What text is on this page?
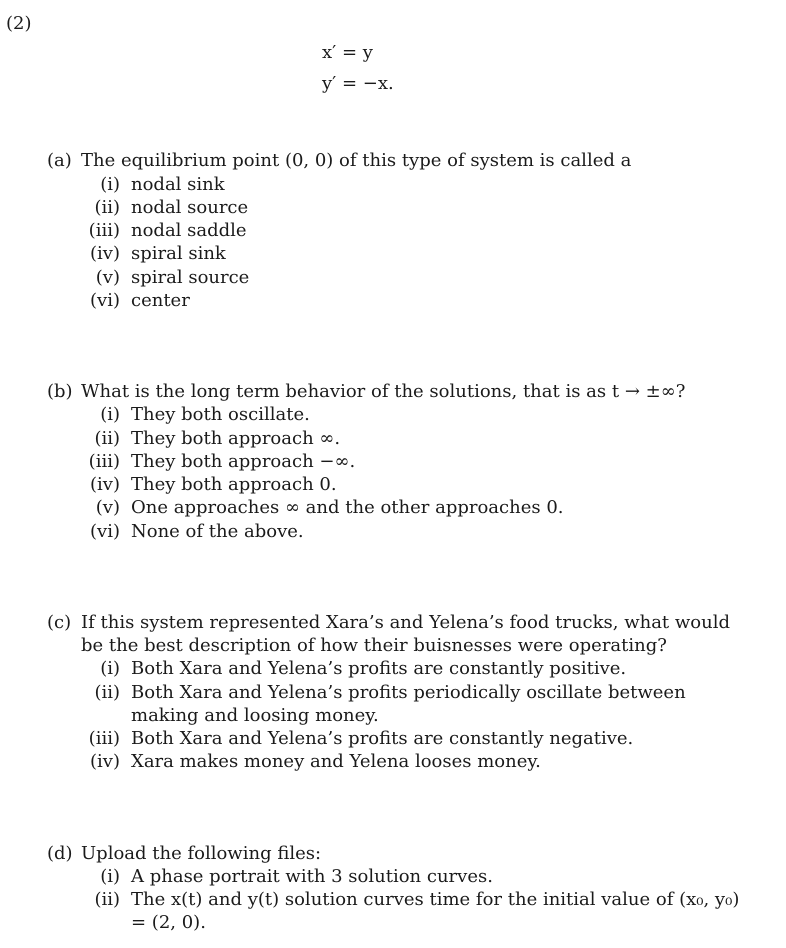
(2)
x′ = y
y′ = −x.
(a) The equilibrium point (0, 0) of this type of system is called a
(i) nodal sink
(ii) nodal source
(iii) nodal saddle
(iv) spiral sink
(v) spiral source
(vi) center
(b) What is the long term behavior of the solutions, that is as t → ±∞?
(i) They both oscillate.
(ii) They both approach ∞.
(iii) They both approach −∞.
(iv) They both approach 0.
(v) One approaches ∞ and the other approaches 0.
(vi) None of the above.
(c) If this system represented Xara’s and Yelena’s food trucks, what would be the best description of how their buisnesses were operating?
(i) Both Xara and Yelena’s profits are constantly positive.
(ii) Both Xara and Yelena’s profits periodically oscillate between making and loosing money.
(iii) Both Xara and Yelena’s profits are constantly negative.
(iv) Xara makes money and Yelena looses money.
(d) Upload the following files:
(i) A phase portrait with 3 solution curves.
(ii) The x(t) and y(t) solution curves time for the initial value of (x₀, y₀) = (2, 0).
